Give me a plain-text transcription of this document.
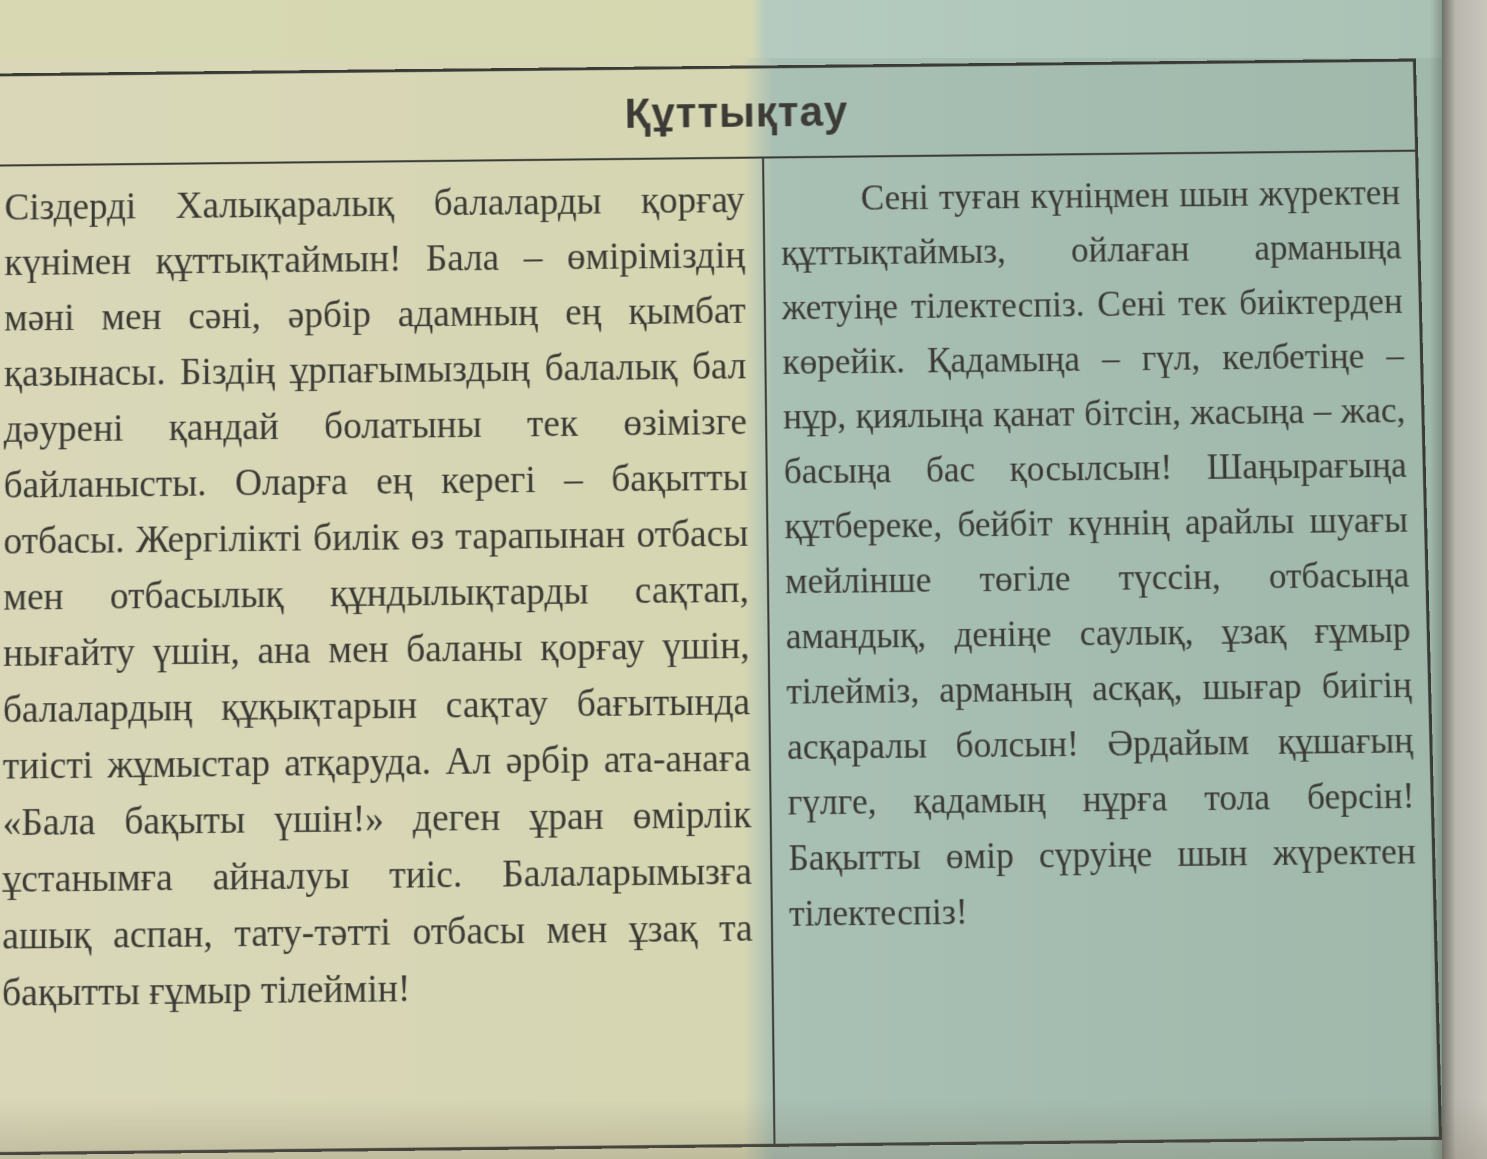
Құттықтау

Сіздерді Халықаралық балаларды қорғау күнімен құттықтаймын! Бала – өміріміздің мәні мен сәні, әрбір адамның ең қымбат қазынасы. Біздің ұрпағымыздың балалық бал дәурені қандай болатыны тек өзімізге байланысты. Оларға ең керегі – бақытты отбасы. Жергілікті билік өз тарапынан отбасы мен отбасылық құндылықтарды сақтап, нығайту үшін, ана мен баланы қорғау үшін, балалардың құқықтарын сақтау бағытында тиісті жұмыстар атқаруда. Ал әрбір ата-анаға «Бала бақыты үшін!» деген ұран өмірлік ұстанымға айналуы тиіс. Балаларымызға ашық аспан, тату-тәтті отбасы мен ұзақ та бақытты ғұмыр тілеймін!

Сені туған күніңмен шын жүректен құттықтаймыз, ойлаған арманыңа жетуіңе тілектеспіз. Сені тек биіктерден көрейік. Қадамыңа – гүл, келбетіңе – нұр, қиялыңа қанат бітсін, жасыңа – жас, басыңа бас қосылсын! Шаңырағыңа құтбереке, бейбіт күннің арайлы шуағы мейлінше төгіле түссін, отбасыңа амандық, деніңе саулық, ұзақ ғұмыр тілейміз, арманың асқақ, шығар биігің асқаралы болсын! Әрдайым құшағың гүлге, қадамың нұрға тола берсін! Бақытты өмір сүруіңе шын жүректен тілектеспіз!
